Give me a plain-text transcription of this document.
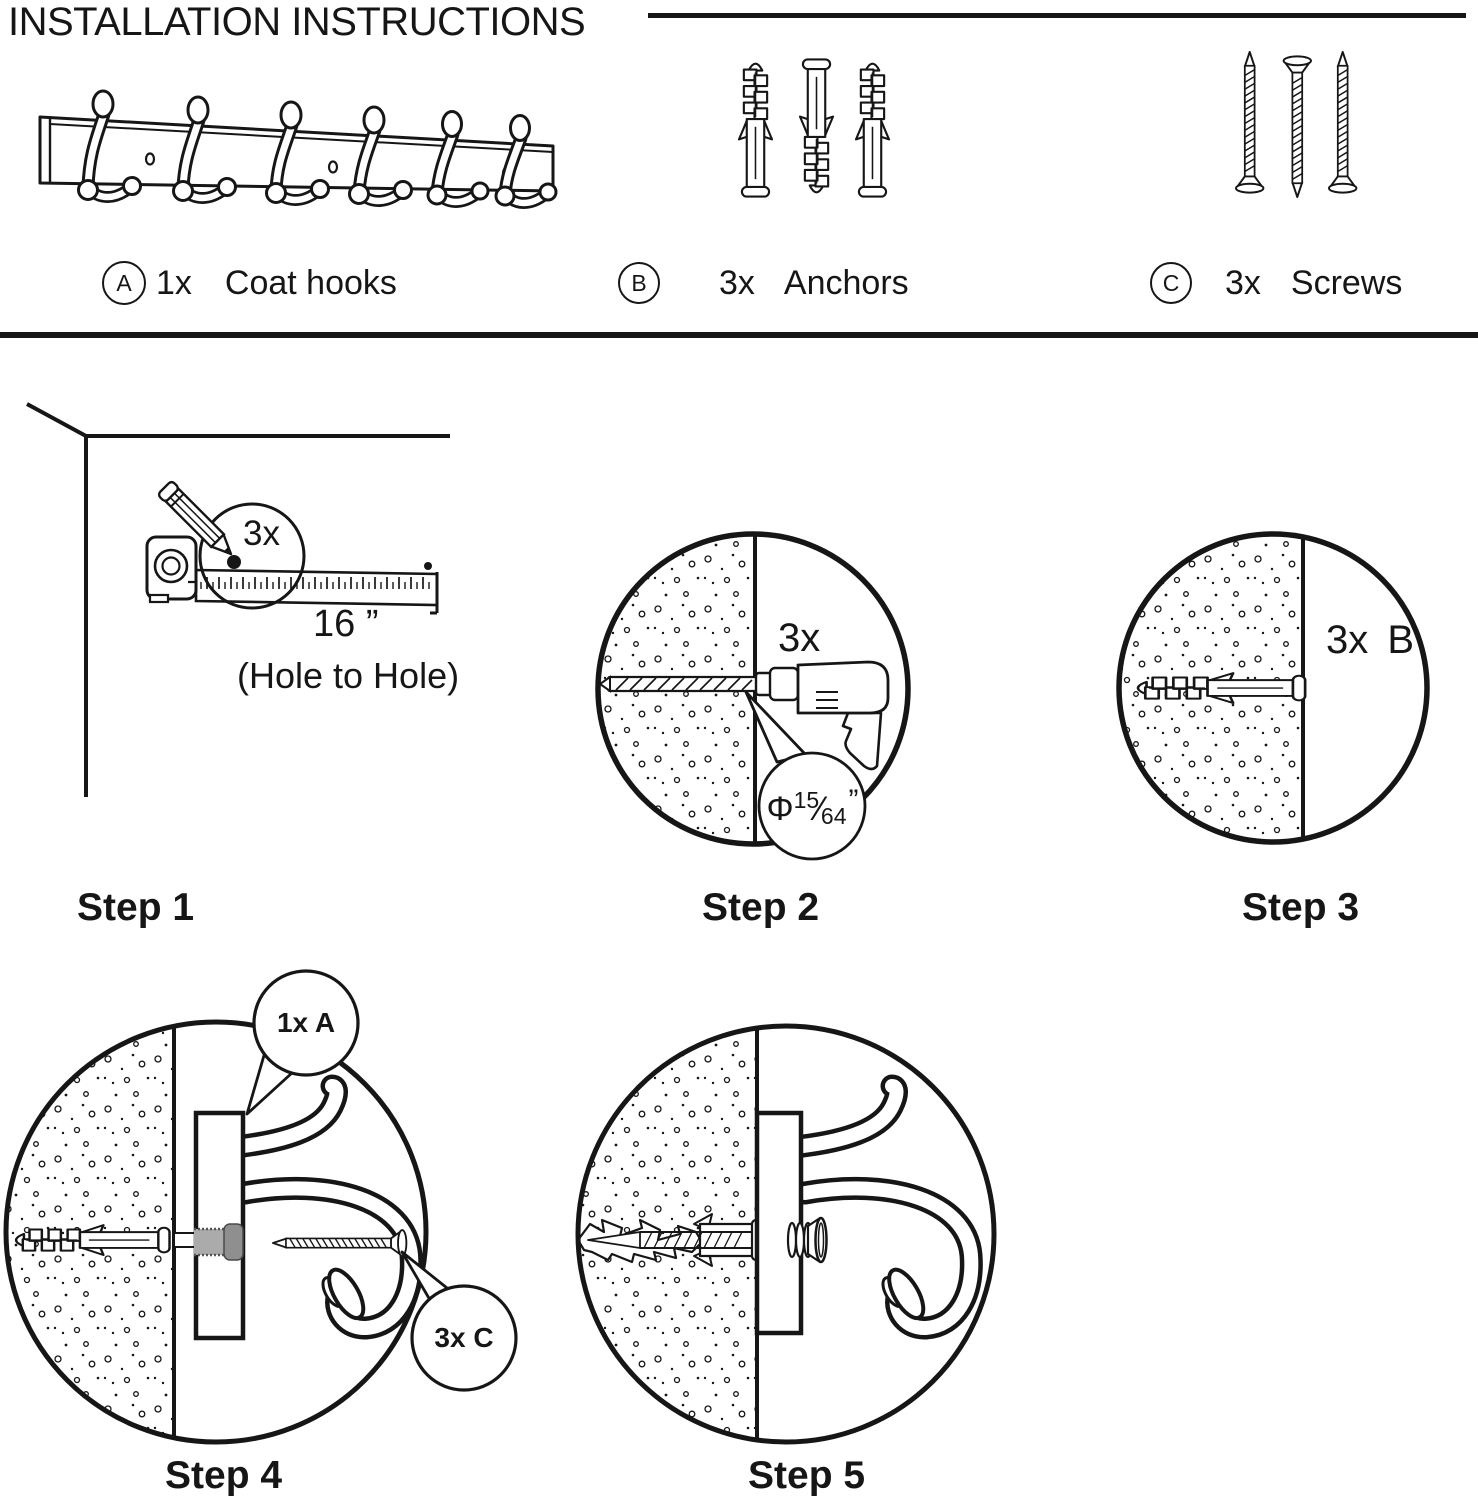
INSTALLATION INSTRUCTIONS
A 1x Coat hooks	B	3x Anchors	C	3x Screws
3x
16 ”
(Hole to Hole)
Step 1
3x
$\Phi^{15}⁄_{64}$”
Step 2
3x B
Step 3
1x A
3x C
Step 4	Step 5
